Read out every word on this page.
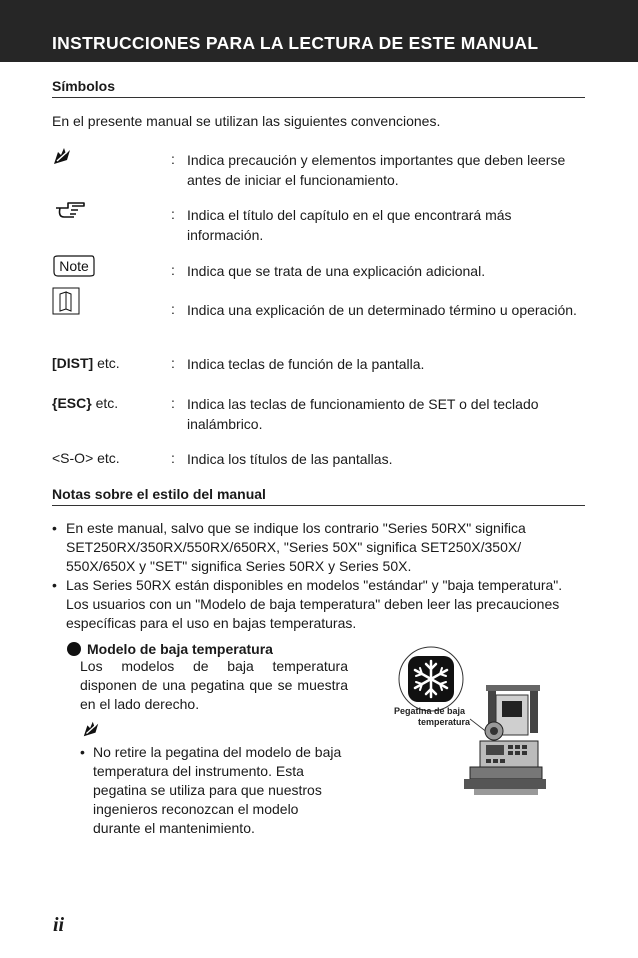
INSTRUCCIONES PARA LA LECTURA DE ESTE MANUAL
Símbolos
En el presente manual se utilizan las siguientes convenciones.
: Indica precaución y elementos importantes que deben leerse antes de iniciar el funcionamiento.
: Indica el título del capítulo en el que encontrará más información.
Note	: Indica que se trata de una explicación adicional.
: Indica una explicación de un determinado término u operación.
[DIST] etc.	: Indica teclas de función de la pantalla.
{ESC} etc.	: Indica las teclas de funcionamiento de SET o del teclado inalámbrico.
<S-O> etc.	: Indica los títulos de las pantallas.
Notas sobre el estilo del manual

• En este manual, salvo que se indique los contrario "Series 50RX" significa SET250RX/350RX/550RX/650RX, "Series 50X" significa SET250X/350X/ 550X/650X y "SET" significa Series 50RX y Series 50X.

• Las Series 50RX están disponibles en modelos "estándar" y "baja temperatura". Los usuarios con un "Modelo de baja temperatura" deben leer las precauciones específicas para el uso en bajas temperaturas.

Modelo de baja temperatura
Los modelos de baja temperatura disponen de una pegatina que se muestra en el lado derecho.
• No retire la pegatina del modelo de baja temperatura del instrumento. Esta pegatina se utiliza para que nuestros ingenieros reconozcan el modelo durante el mantenimiento.

Pegatina de baja
temperatura
ii
